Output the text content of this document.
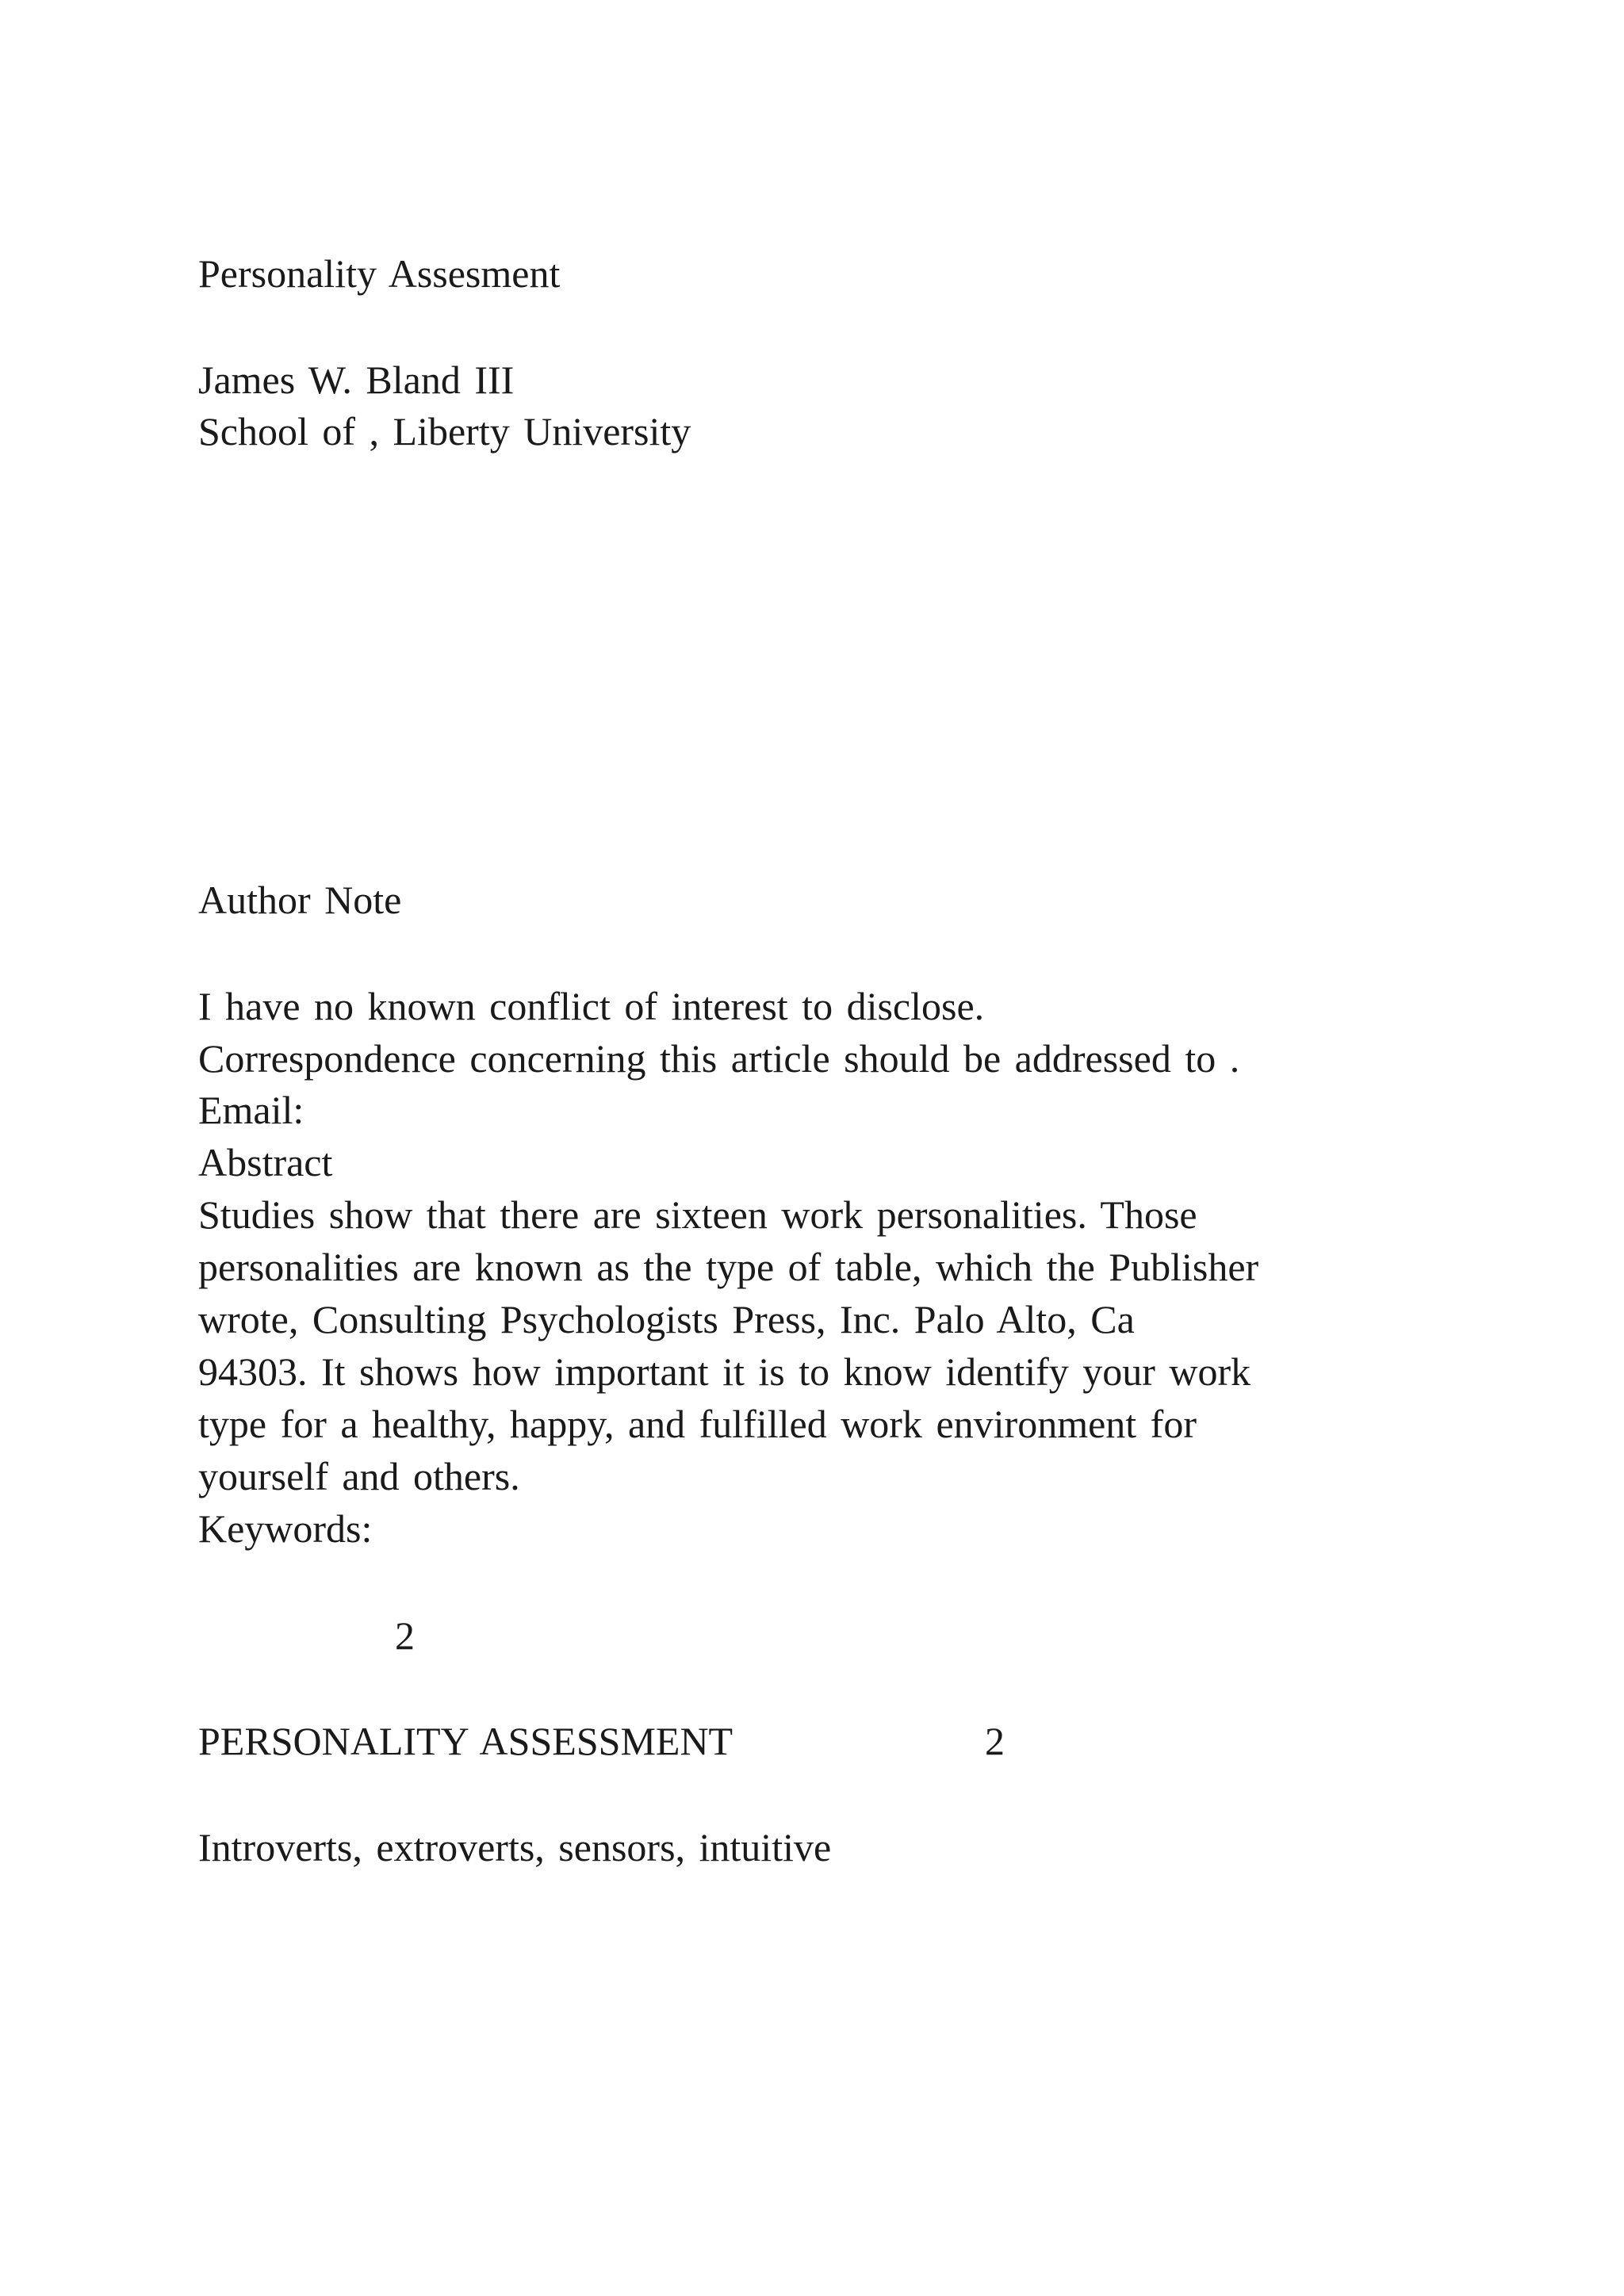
Personality Assesment
James W. Bland III
School of , Liberty University
Author Note
I have no known conflict of interest to disclose.
Correspondence concerning this article should be addressed to .
Email:
Abstract
Studies show that there are sixteen work personalities. Those
personalities are known as the type of table, which the Publisher
wrote, Consulting Psychologists Press, Inc. Palo Alto, Ca
94303. It shows how important it is to know identify your work
type for a healthy, happy, and fulfilled work environment for
yourself and others.
Keywords:
2
PERSONALITY ASSESSMENT	2
Introverts, extroverts, sensors, intuitive
